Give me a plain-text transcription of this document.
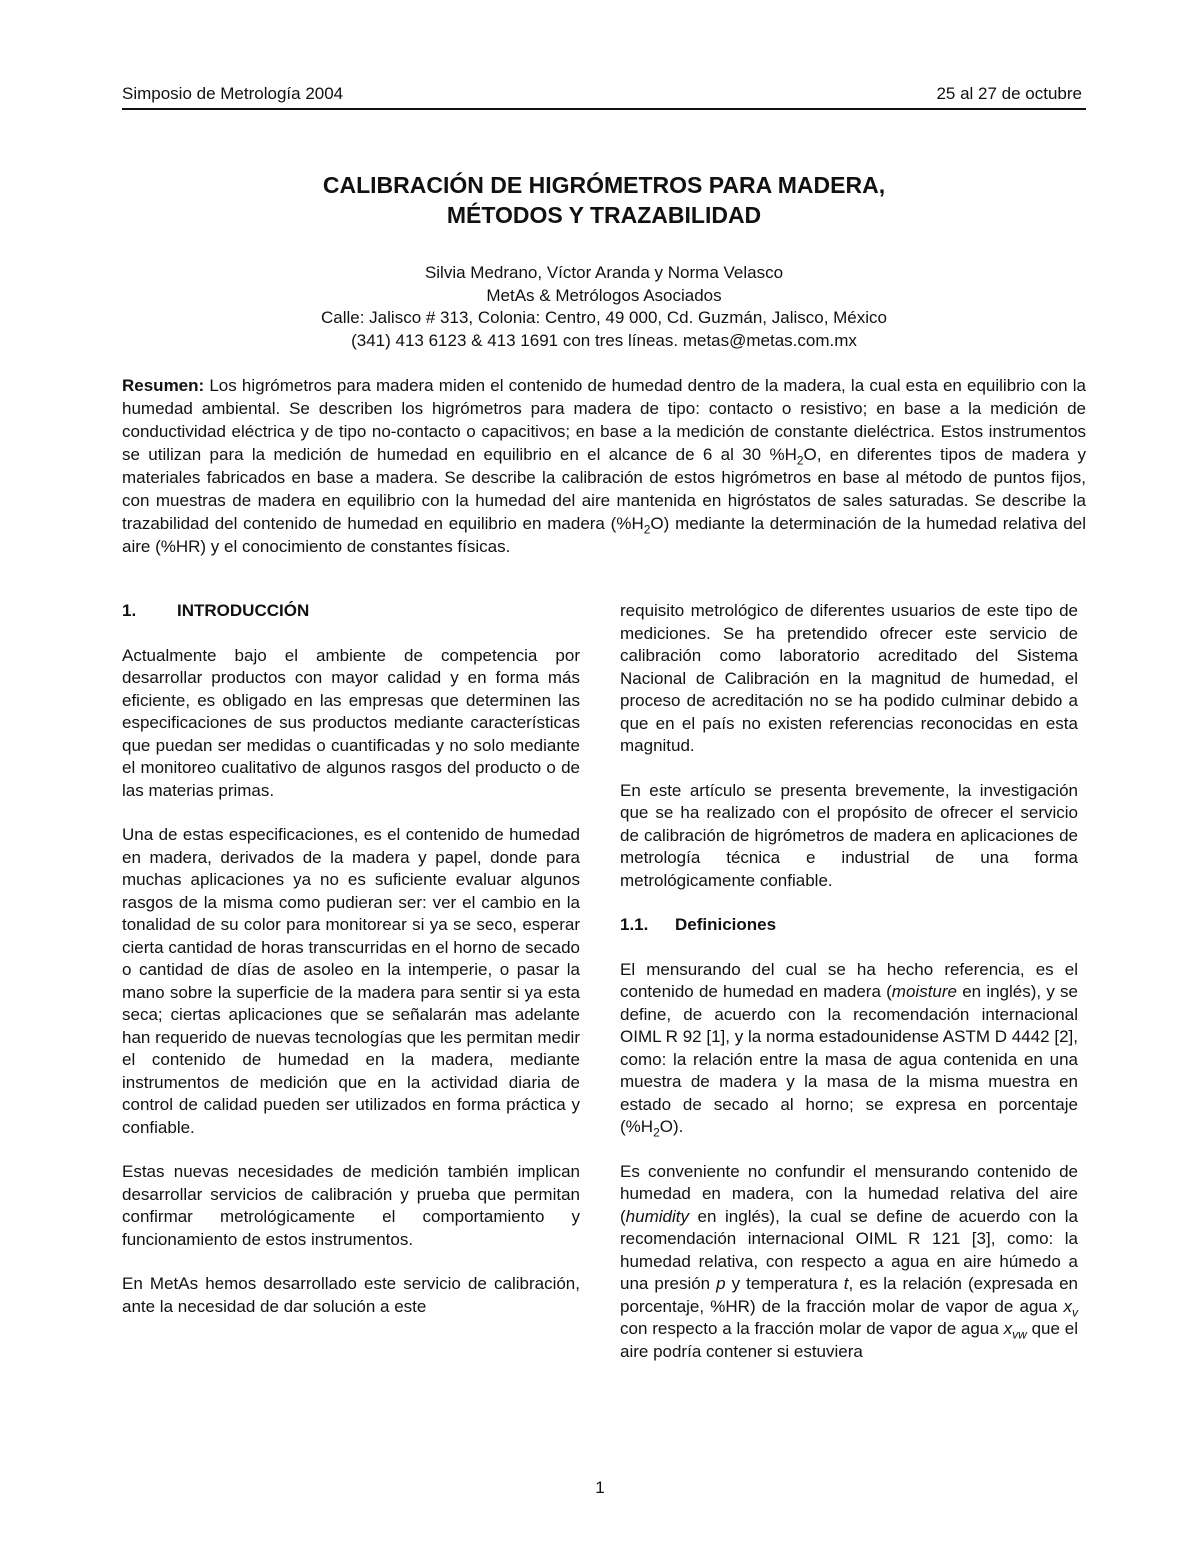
Simposio de Metrología 2004	25 al 27 de octubre
CALIBRACIÓN DE HIGRÓMETROS PARA MADERA,
MÉTODOS Y TRAZABILIDAD
Silvia Medrano, Víctor Aranda y Norma Velasco
MetAs & Metrólogos Asociados
Calle: Jalisco # 313, Colonia: Centro, 49 000, Cd. Guzmán, Jalisco, México
(341) 413 6123 & 413 1691 con tres líneas. metas@metas.com.mx
Resumen: Los higrómetros para madera miden el contenido de humedad dentro de la madera, la cual esta en equilibrio con la humedad ambiental. Se describen los higrómetros para madera de tipo: contacto o resistivo; en base a la medición de conductividad eléctrica y de tipo no-contacto o capacitivos; en base a la medición de constante dieléctrica. Estos instrumentos se utilizan para la medición de humedad en equilibrio en el alcance de 6 al 30 $\%H_2O$, en diferentes tipos de madera y materiales fabricados en base a madera. Se describe la calibración de estos higrómetros en base al método de puntos fijos, con muestras de madera en equilibrio con la humedad del aire mantenida en higróstatos de sales saturadas. Se describe la trazabilidad del contenido de humedad en equilibrio en madera $(\%H_2O)$ mediante la determinación de la humedad relativa del aire (%HR) y el conocimiento de constantes físicas.
1. INTRODUCCIÓN

Actualmente bajo el ambiente de competencia por desarrollar productos con mayor calidad y en forma más eficiente, es obligado en las empresas que determinen las especificaciones de sus productos mediante características que puedan ser medidas o cuantificadas y no solo mediante el monitoreo cualitativo de algunos rasgos del producto o de las materias primas.

Una de estas especificaciones, es el contenido de humedad en madera, derivados de la madera y papel, donde para muchas aplicaciones ya no es suficiente evaluar algunos rasgos de la misma como pudieran ser: ver el cambio en la tonalidad de su color para monitorear si ya se seco, esperar cierta cantidad de horas transcurridas en el horno de secado o cantidad de días de asoleo en la intemperie, o pasar la mano sobre la superficie de la madera para sentir si ya esta seca; ciertas aplicaciones que se señalarán mas adelante han requerido de nuevas tecnologías que les permitan medir el contenido de humedad en la madera, mediante instrumentos de medición que en la actividad diaria de control de calidad pueden ser utilizados en forma práctica y confiable.

Estas nuevas necesidades de medición también implican desarrollar servicios de calibración y prueba que permitan confirmar metrológicamente el comportamiento y funcionamiento de estos instrumentos.

En MetAs hemos desarrollado este servicio de calibración, ante la necesidad de dar solución a este

requisito metrológico de diferentes usuarios de este tipo de mediciones. Se ha pretendido ofrecer este servicio de calibración como laboratorio acreditado del Sistema Nacional de Calibración en la magnitud de humedad, el proceso de acreditación no se ha podido culminar debido a que en el país no existen referencias reconocidas en esta magnitud.

En este artículo se presenta brevemente, la investigación que se ha realizado con el propósito de ofrecer el servicio de calibración de higrómetros de madera en aplicaciones de metrología técnica e industrial de una forma metrológicamente confiable.

1.1. Definiciones

El mensurando del cual se ha hecho referencia, es el contenido de humedad en madera (moisture en inglés), y se define, de acuerdo con la recomendación internacional OIML R 92 [1], y la norma estadounidense ASTM D 4442 [2], como: la relación entre la masa de agua contenida en una muestra de madera y la masa de la misma muestra en estado de secado al horno; se expresa en porcentaje $(\%H_2O)$.

Es conveniente no confundir el mensurando contenido de humedad en madera, con la humedad relativa del aire (humidity en inglés), la cual se define de acuerdo con la recomendación internacional OIML R 121 [3], como: la humedad relativa, con respecto a agua en aire húmedo a una presión p y temperatura t, es la relación (expresada en porcentaje, %HR) de la fracción molar de vapor de agua $x_v$ con respecto a la fracción molar de vapor de agua $x_{vw}$ que el aire podría contener si estuviera

1
